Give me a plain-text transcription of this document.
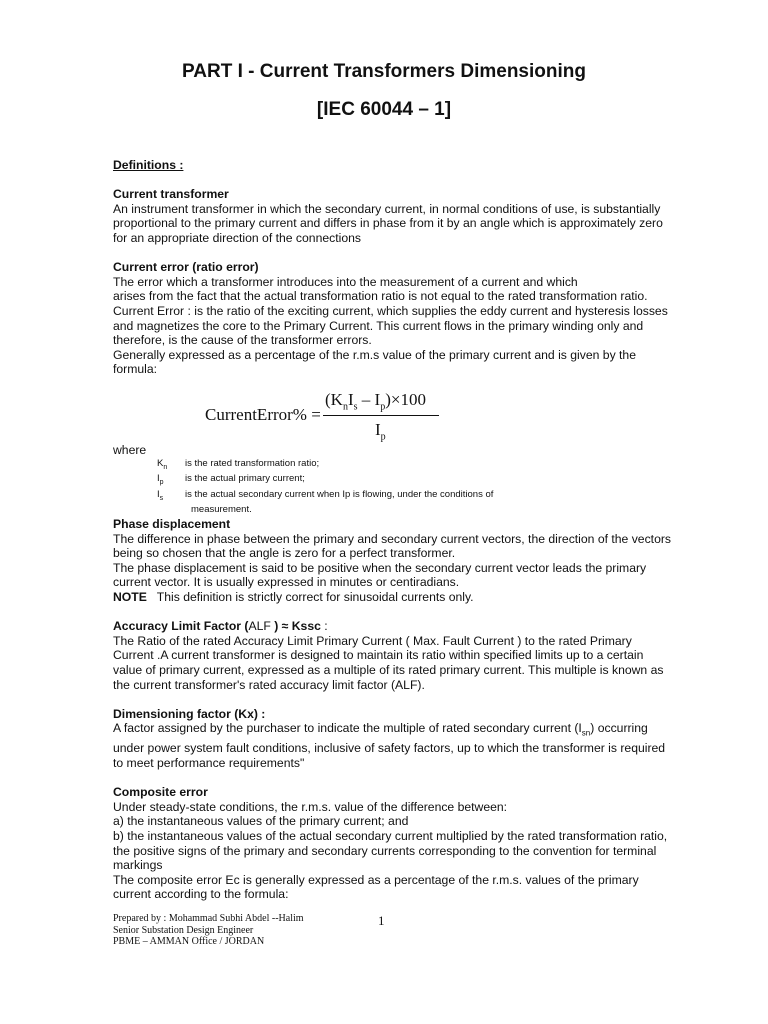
PART I - Current Transformers Dimensioning
[IEC 60044 – 1]
Definitions :
Current transformer
An instrument transformer in which the secondary current, in normal conditions of use, is substantially
proportional to the primary current and differs in phase from it by an angle which is approximately zero
for an appropriate direction of the connections
Current error (ratio error)
The error which a transformer introduces into the measurement of a current and which
arises from the fact that the actual transformation ratio is not equal to the rated transformation ratio.
Current Error : is the ratio of the exciting current, which supplies the eddy current and hysteresis losses
and magnetizes the core to the Primary Current. This current flows in the primary winding only and
therefore, is the cause of the transformer errors.
Generally expressed as a percentage of the r.m.s value of the primary current and is given by the
formula:
CurrentError% =
$(K_nI_s - I_p)\times 100$
$I_p$
where
$K_n$ is the rated transformation ratio;
$I_p$ is the actual primary current;
$I_s$ is the actual secondary current when Ip is flowing, under the conditions of
measurement.
Phase displacement
The difference in phase between the primary and secondary current vectors, the direction of the vectors
being so chosen that the angle is zero for a perfect transformer.
The phase displacement is said to be positive when the secondary current vector leads the primary
current vector. It is usually expressed in minutes or centiradians.
NOTE   This definition is strictly correct for sinusoidal currents only.
Accuracy Limit Factor (ALF ) ≈ Kssc :
The Ratio of the rated Accuracy Limit Primary Current ( Max. Fault Current ) to the rated Primary
Current .A current transformer is designed to maintain its ratio within specified limits up to a certain
value of primary current, expressed as a multiple of its rated primary current. This multiple is known as
the current transformer's rated accuracy limit factor (ALF).
Dimensioning factor (Kx) :
A factor assigned by the purchaser to indicate the multiple of rated secondary current $(I_{sn})$ occurring
under power system fault conditions, inclusive of safety factors, up to which the transformer is required
to meet performance requirements"
Composite error
Under steady-state conditions, the r.m.s. value of the difference between:
a) the instantaneous values of the primary current; and
b) the instantaneous values of the actual secondary current multiplied by the rated transformation ratio,
the positive signs of the primary and secondary currents corresponding to the convention for terminal
markings
The composite error Ec is generally expressed as a percentage of the r.m.s. values of the primary
current according to the formula:
Prepared by : Mohammad Subhi Abdel --Halim
Senior Substation Design Engineer
PBME – AMMAN Office / JORDAN
1
